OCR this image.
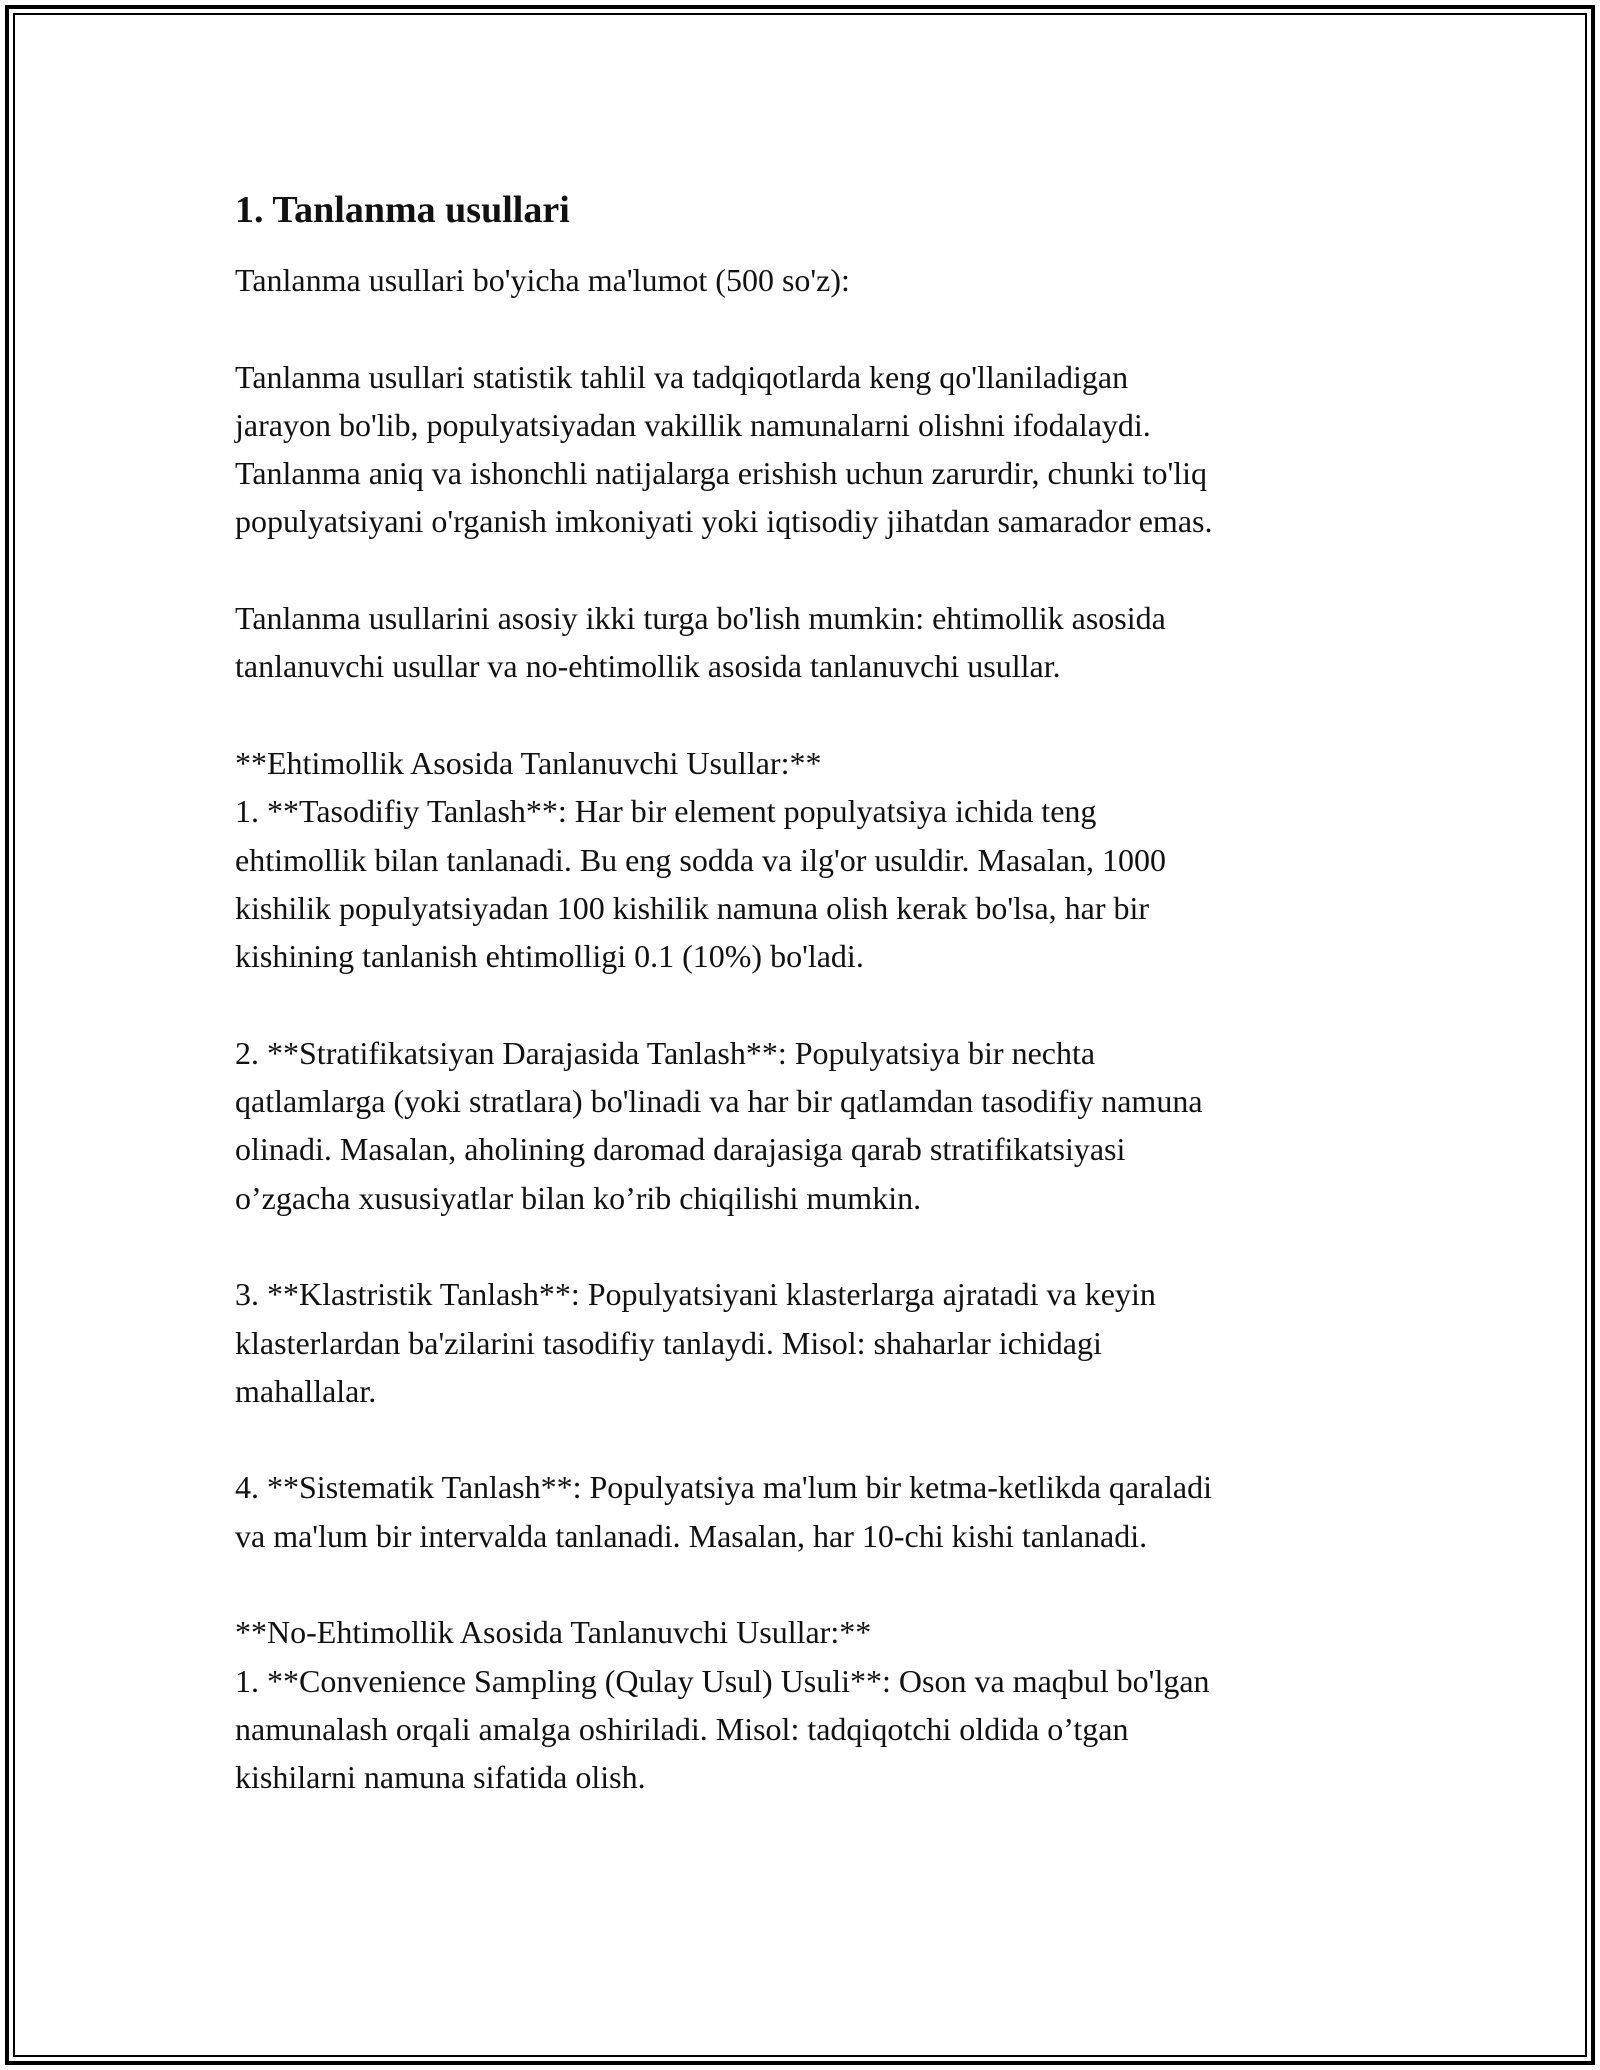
1. Tanlanma usullari
Tanlanma usullari bo'yicha ma'lumot (500 so'z):
Tanlanma usullari statistik tahlil va tadqiqotlarda keng qo'llaniladigan
jarayon bo'lib, populyatsiyadan vakillik namunalarni olishni ifodalaydi.
Tanlanma aniq va ishonchli natijalarga erishish uchun zarurdir, chunki to'liq
populyatsiyani o'rganish imkoniyati yoki iqtisodiy jihatdan samarador emas.
Tanlanma usullarini asosiy ikki turga bo'lish mumkin: ehtimollik asosida
tanlanuvchi usullar va no-ehtimollik asosida tanlanuvchi usullar.
**Ehtimollik Asosida Tanlanuvchi Usullar:**
1. **Tasodifiy Tanlash**: Har bir element populyatsiya ichida teng
ehtimollik bilan tanlanadi. Bu eng sodda va ilg'or usuldir. Masalan, 1000
kishilik populyatsiyadan 100 kishilik namuna olish kerak bo'lsa, har bir
kishining tanlanish ehtimolligi 0.1 (10%) bo'ladi.
2. **Stratifikatsiyan Darajasida Tanlash**: Populyatsiya bir nechta
qatlamlarga (yoki stratlara) bo'linadi va har bir qatlamdan tasodifiy namuna
olinadi. Masalan, aholining daromad darajasiga qarab stratifikatsiyasi
o’zgacha xususiyatlar bilan ko’rib chiqilishi mumkin.
3. **Klastristik Tanlash**: Populyatsiyani klasterlarga ajratadi va keyin
klasterlardan ba'zilarini tasodifiy tanlaydi. Misol: shaharlar ichidagi
mahallalar.
4. **Sistematik Tanlash**: Populyatsiya ma'lum bir ketma-ketlikda qaraladi
va ma'lum bir intervalda tanlanadi. Masalan, har 10-chi kishi tanlanadi.
**No-Ehtimollik Asosida Tanlanuvchi Usullar:**
1. **Convenience Sampling (Qulay Usul) Usuli**: Oson va maqbul bo'lgan
namunalash orqali amalga oshiriladi. Misol: tadqiqotchi oldida o’tgan
kishilarni namuna sifatida olish.
